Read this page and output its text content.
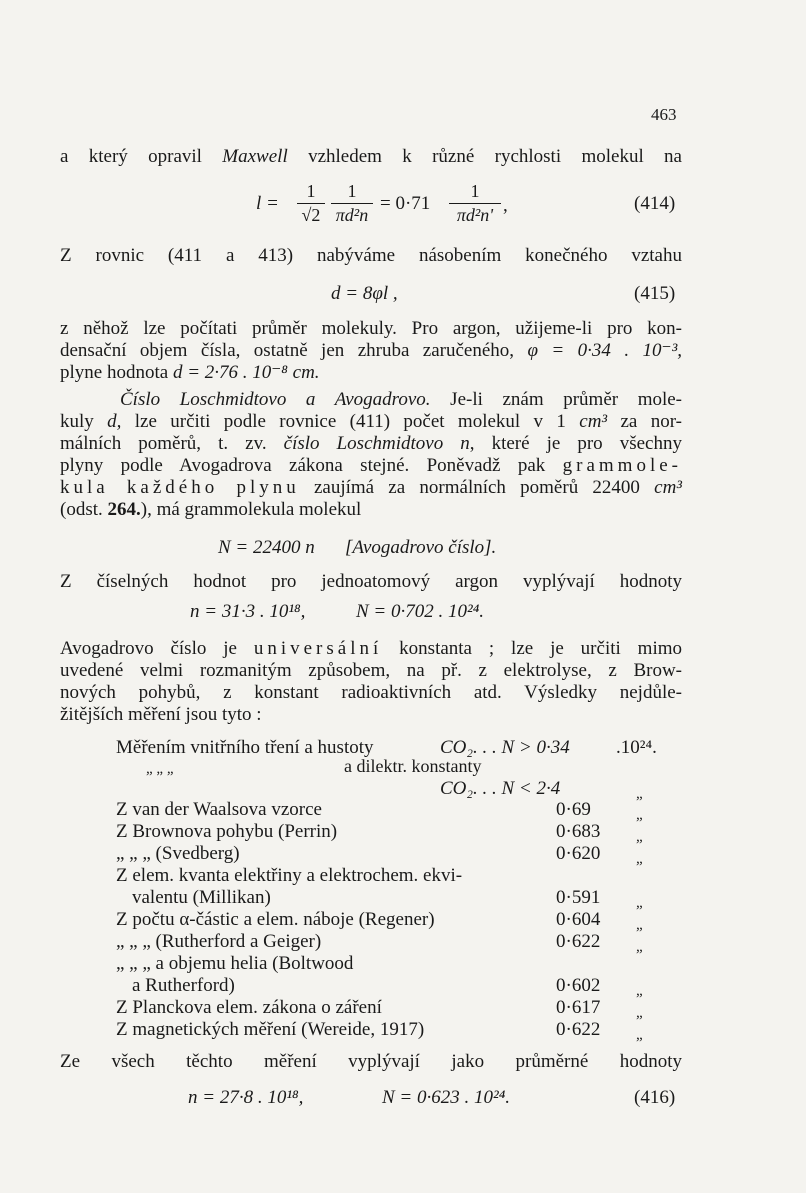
463
a který opravil Maxwell vzhledem k různé rychlosti molekul na
l =
1
√2
1
πd²n
= 0·71
1
πd²n' ,	(414)
Z rovnic (411 a 413) nabýváme násobením konečného vztahu
d = 8φl ,	(415)
z něhož lze počítati průměr molekuly. Pro argon, užijeme-li pro kon-
densační objem čísla, ostatně jen zhruba zaručeného, φ = 0·34 . 10⁻³,
plyne hodnota d = 2·76 . 10⁻⁸ cm.
Číslo Loschmidtovo a Avogadrovo. Je-li znám průměr mole-
kuly d, lze určiti podle rovnice (411) počet molekul v 1 cm³ za nor-
málních poměrů, t. zv. číslo Loschmidtovo n, které je pro všechny
plyny podle Avogadrova zákona stejné. Poněvadž pak grammole-
kula každého plynu zaujímá za normálních poměrů 22400 cm³
(odst. 264.), má grammolekula molekul
N = 22400 n [Avogadrovo číslo].
Z číselných hodnot pro jednoatomový argon vyplývají hodnoty
n = 31·3 . 10¹⁸,	N = 0·702 . 10²⁴.
Avogadrovo číslo je universální konstanta ; lze je určiti mimo
uvedené velmi rozmanitým způsobem, na př. z elektrolyse, z Brow-
nových pohybů, z konstant radioaktivních atd. Výsledky nejdůle-
žitějších měření jsou tyto :
Měřením vnitřního tření a hustoty	CO₂. . . N > 0·34 .10²⁴.
„ „ „	a dilektr. konstanty
CO₂. . . N < 2·4	„
Z van der Waalsova vzorce	0·69	„
Z Brownova pohybu (Perrin)	0·683 „
„ „ „ (Svedberg)	0·620 „
Z elem. kvanta elektřiny a elektrochem. ekvi-
valentu (Millikan)	0·591 „
Z počtu α-částic a elem. náboje (Regener)	0·604 „
„ „ „ (Rutherford a Geiger)	0·622 „
„ „ „ a objemu helia (Boltwood
a Rutherford)	0·602 „
Z Planckova elem. zákona o záření	0·617 „
Z magnetických měření (Wereide, 1917)	0·622 „
Ze všech těchto měření vyplývají jako průměrné hodnoty
n = 27·8 . 10¹⁸,	N = 0·623 . 10²⁴.	(416)
